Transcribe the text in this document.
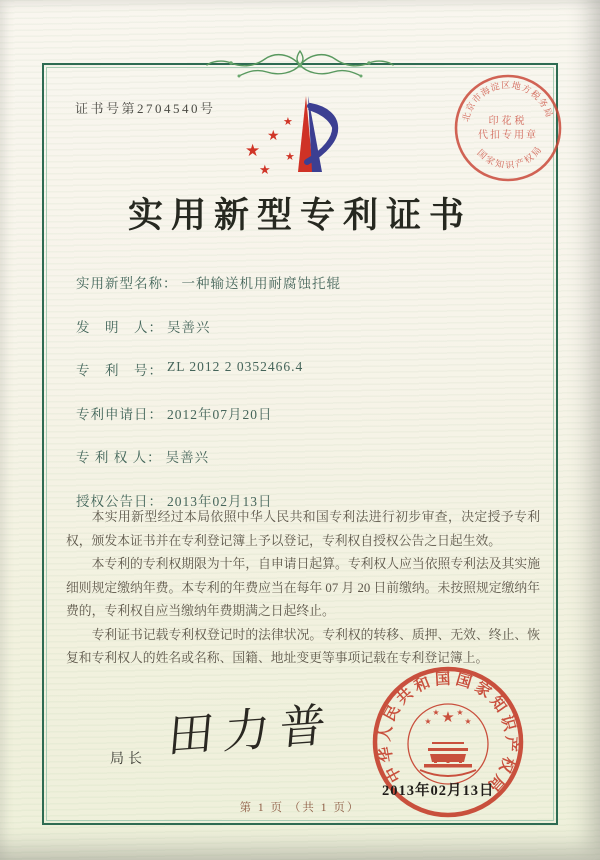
证书号第2704540号
★
★
★
★
★
北京市海淀区地方税务局
国家知识产权局
印花税
代扣专用章
实用新型专利证书
实用新型名称： 一种输送机用耐腐蚀托辊
发　明　人： 吴善兴
专　利　号： ZL 2012 2 0352466.4
专利申请日： 2012年07月20日
专 利 权 人： 吴善兴
授权公告日： 2013年02月13日

本实用新型经过本局依照中华人民共和国专利法进行初步审查，决定授予专利权，颁发本证书并在专利登记簿上予以登记，专利权自授权公告之日起生效。

本专利的专利权期限为十年，自申请日起算。专利权人应当依照专利法及其实施细则规定缴纳年费。本专利的年费应当在每年 07 月 20 日前缴纳。未按照规定缴纳年费的，专利权自应当缴纳年费期满之日起终止。

专利证书记载专利权登记时的法律状况。专利权的转移、质押、无效、终止、恢复和专利权人的姓名或名称、国籍、地址变更等事项记载在专利登记簿上。

局长 田力普
中华人民共和国国家知识产权局
★
★
★ ★
★
2013年02月13日
第 1 页 （共 1 页）
